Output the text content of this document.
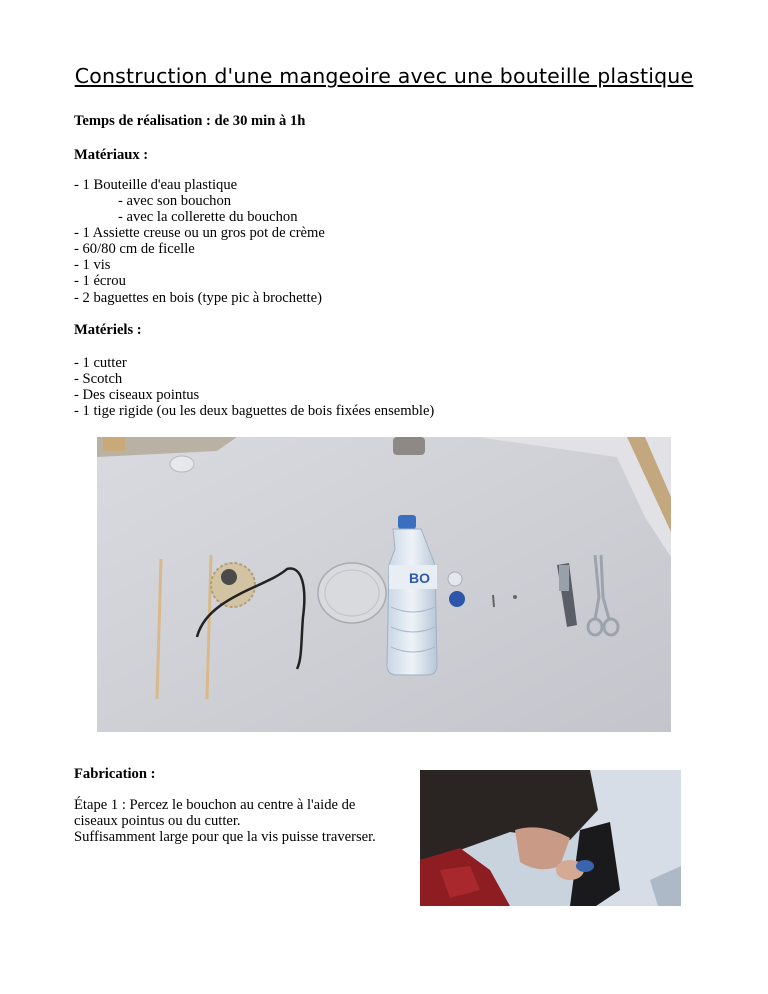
Construction d'une mangeoire avec une bouteille plastique
Temps de réalisation : de 30 min à 1h
Matériaux :
- 1 Bouteille d'eau plastique
- avec son bouchon
- avec la collerette du bouchon
- 1 Assiette creuse ou un gros pot de crème
- 60/80 cm de ficelle
- 1 vis
- 1 écrou
- 2 baguettes en bois (type pic à brochette)
Matériels :
- 1 cutter
- Scotch
- Des ciseaux pointus
- 1 tige rigide (ou les deux baguettes de bois fixées ensemble)
BO
Fabrication :
Étape 1 : Percez le bouchon au centre à l'aide de
ciseaux pointus ou du cutter.
Suffisamment large pour que la vis puisse traverser.
